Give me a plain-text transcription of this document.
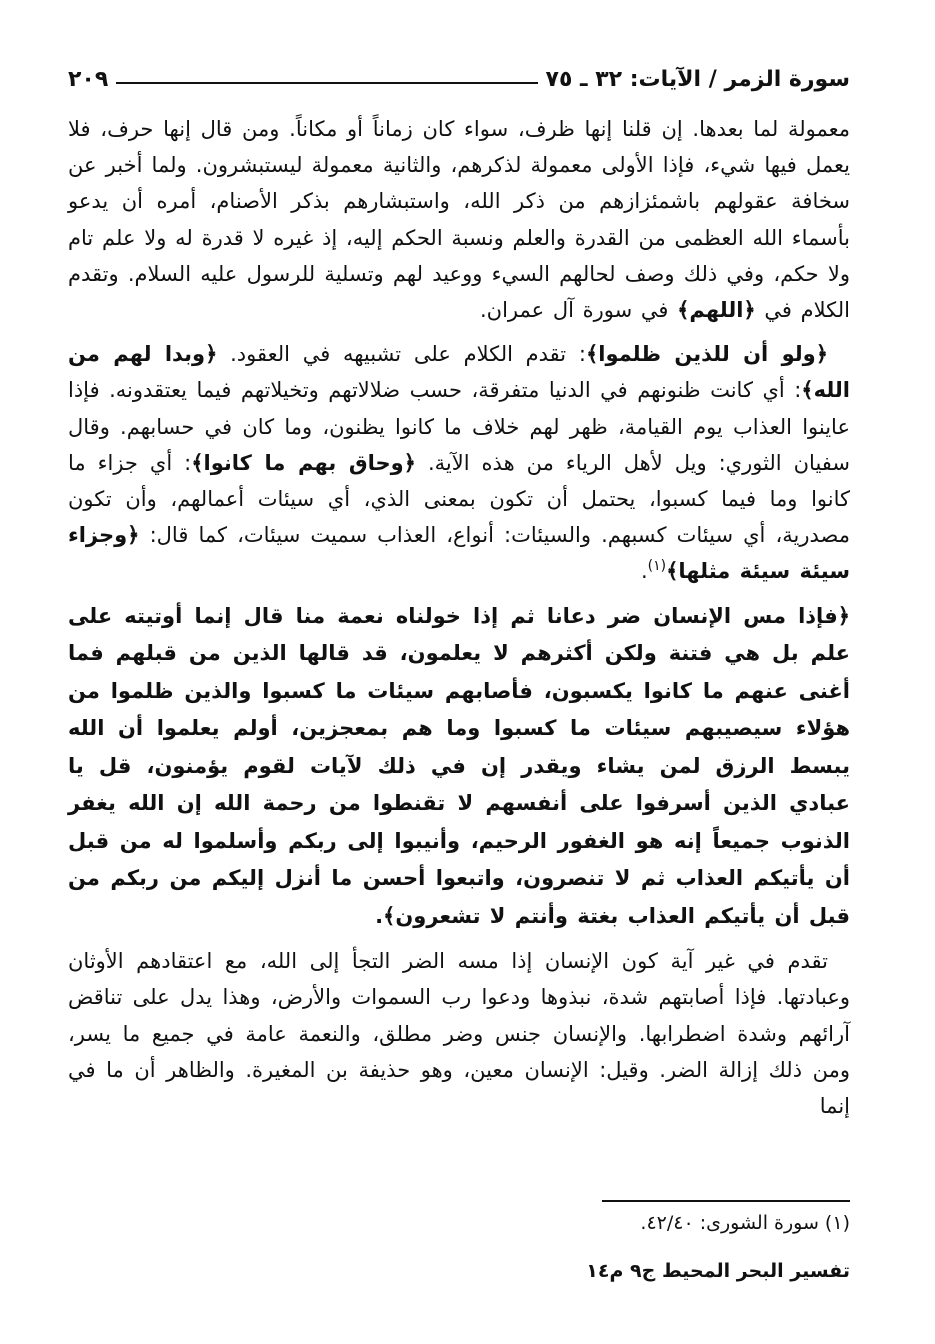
سورة الزمر / الآيات: ٣٢ ـ ٧٥
٢٠٩

معمولة لما بعدها. إن قلنا إنها ظرف، سواء كان زماناً أو مكاناً. ومن قال إنها حرف، فلا يعمل فيها شيء، فإذا الأولى معمولة لذكرهم، والثانية معمولة ليستبشرون. ولما أخبر عن سخافة عقولهم باشمئزازهم من ذكر الله، واستبشارهم بذكر الأصنام، أمره أن يدعو بأسماء الله العظمى من القدرة والعلم ونسبة الحكم إليه، إذ غيره لا قدرة له ولا علم تام ولا حكم، وفي ذلك وصف لحالهم السيء ووعيد لهم وتسلية للرسول عليه السلام. وتقدم الكلام في ﴿اللهم﴾ في سورة آل عمران.

﴿ولو أن للذين ظلموا﴾: تقدم الكلام على تشبيهه في العقود. ﴿وبدا لهم من الله﴾: أي كانت ظنونهم في الدنيا متفرقة، حسب ضلالاتهم وتخيلاتهم فيما يعتقدونه. فإذا عاينوا العذاب يوم القيامة، ظهر لهم خلاف ما كانوا يظنون، وما كان في حسابهم. وقال سفيان الثوري: ويل لأهل الرياء من هذه الآية. ﴿وحاق بهم ما كانوا﴾: أي جزاء ما كانوا وما فيما كسبوا، يحتمل أن تكون بمعنى الذي، أي سيئات أعمالهم، وأن تكون مصدرية، أي سيئات كسبهم. والسيئات: أنواع، العذاب سميت سيئات، كما قال: ﴿وجزاء سيئة سيئة مثلها﴾$^{(١)}$.

﴿فإذا مس الإنسان ضر دعانا ثم إذا خولناه نعمة منا قال إنما أوتيته على علم بل هي فتنة ولكن أكثرهم لا يعلمون، قد قالها الذين من قبلهم فما أغنى عنهم ما كانوا يكسبون، فأصابهم سيئات ما كسبوا والذين ظلموا من هؤلاء سيصيبهم سيئات ما كسبوا وما هم بمعجزين، أولم يعلموا أن الله يبسط الرزق لمن يشاء ويقدر إن في ذلك لآيات لقوم يؤمنون، قل يا عبادي الذين أسرفوا على أنفسهم لا تقنطوا من رحمة الله إن الله يغفر الذنوب جميعاً إنه هو الغفور الرحيم، وأنيبوا إلى ربكم وأسلموا له من قبل أن يأتيكم العذاب ثم لا تنصرون، واتبعوا أحسن ما أنزل إليكم من ربكم من قبل أن يأتيكم العذاب بغتة وأنتم لا تشعرون﴾.

تقدم في غير آية كون الإنسان إذا مسه الضر التجأ إلى الله، مع اعتقادهم الأوثان وعبادتها. فإذا أصابتهم شدة، نبذوها ودعوا رب السموات والأرض، وهذا يدل على تناقض آرائهم وشدة اضطرابها. والإنسان جنس وضر مطلق، والنعمة عامة في جميع ما يسر، ومن ذلك إزالة الضر. وقيل: الإنسان معين، وهو حذيفة بن المغيرة. والظاهر أن ما في إنما

(١) سورة الشورى: ٤٢/٤٠.
تفسير البحر المحيط ج٩ م١٤
